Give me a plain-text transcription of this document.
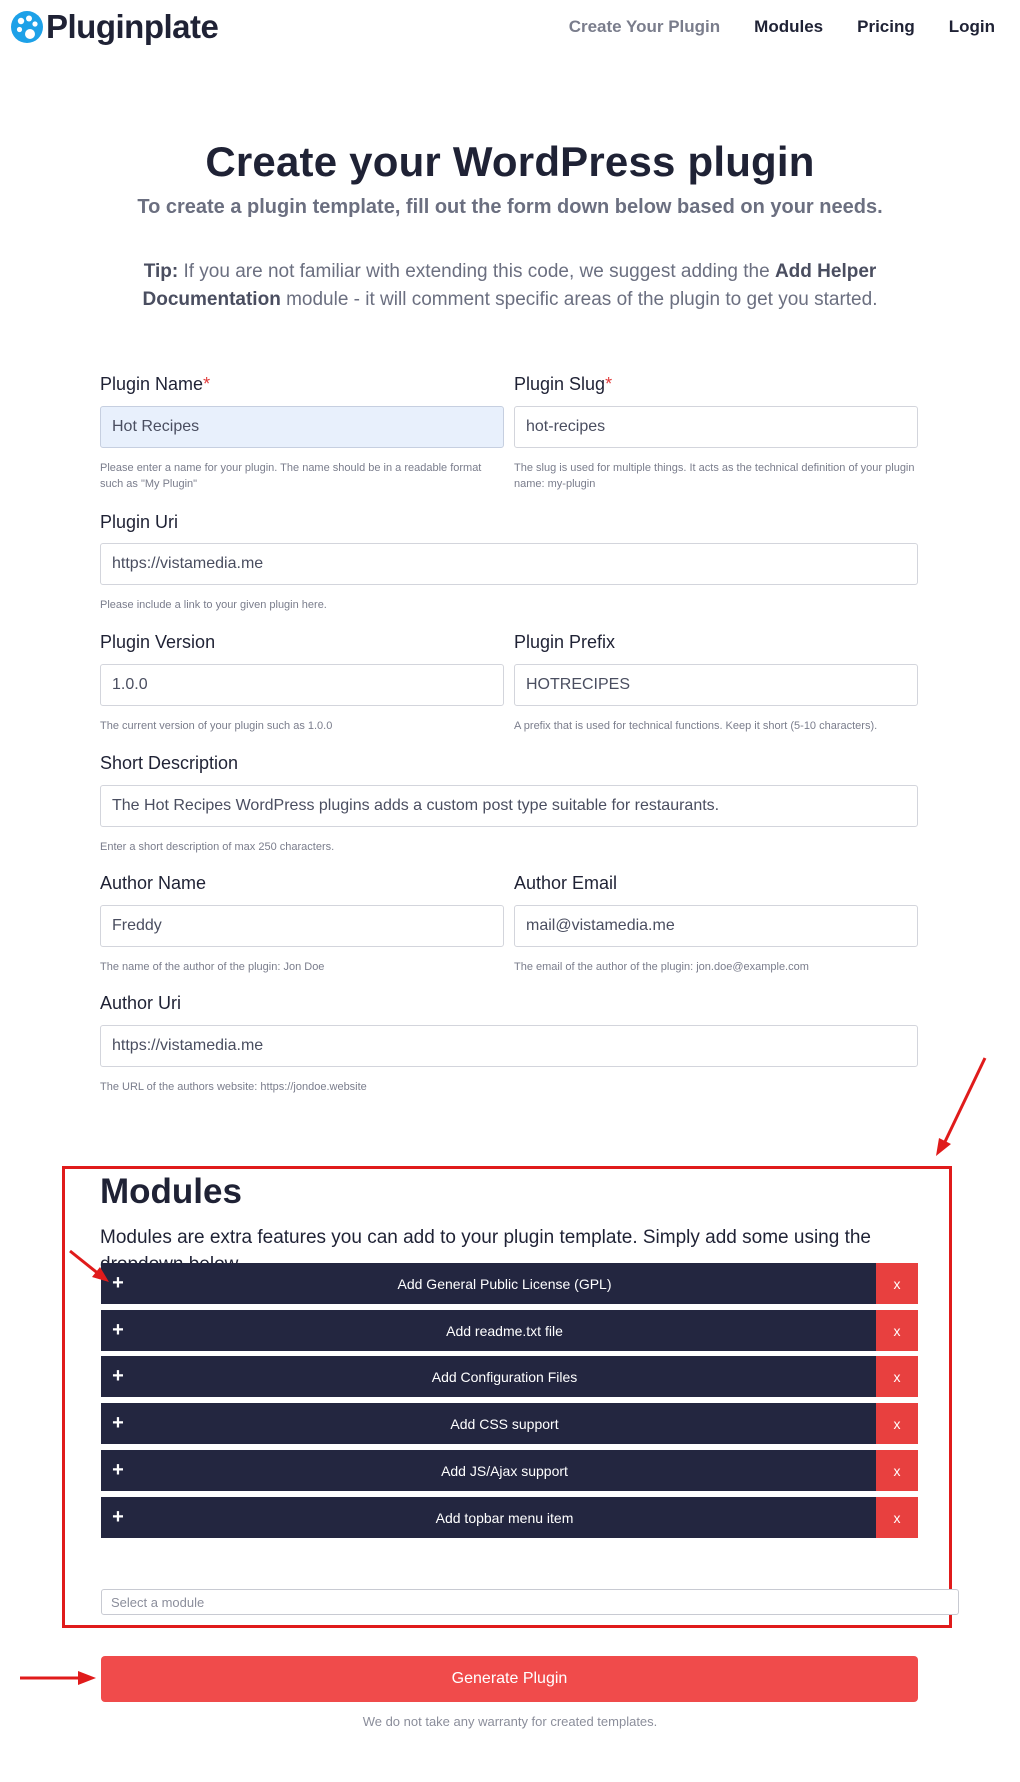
Pluginplate	Create Your Plugin Modules Pricing Login
Create your WordPress plugin

To create a plugin template, fill out the form down below based on your needs.

Tip: If you are not familiar with extending this code, we suggest adding the Add Helper Documentation module - it will comment specific areas of the plugin to get you started.

Plugin Name*
Hot Recipes
Please enter a name for your plugin. The name should be in a readable format such as "My Plugin"
Plugin Slug*
hot-recipes
The slug is used for multiple things. It acts as the technical definition of your plugin name: my-plugin
Plugin Uri
https://vistamedia.me
Please include a link to your given plugin here.
Plugin Version
1.0.0
The current version of your plugin such as 1.0.0
Plugin Prefix
HOTRECIPES
A prefix that is used for technical functions. Keep it short (5-10 characters).
Short Description
The Hot Recipes WordPress plugins adds a custom post type suitable for restaurants.
Enter a short description of max 250 characters.
Author Name
Freddy
The name of the author of the plugin: Jon Doe
Author Email
mail@vistamedia.me
The email of the author of the plugin: jon.doe@example.com
Author Uri
https://vistamedia.me
The URL of the authors website: https://jondoe.website
Modules

Modules are extra features you can add to your plugin template. Simply add some using the

+	Add General Public License (GPL)	x
+	Add readme.txt file	x
+	Add Configuration Files	x
+	Add CSS support	x
+	Add JS/Ajax support	x
+	Add topbar menu item	x
Select a module
Generate Plugin

We do not take any warranty for created templates.
